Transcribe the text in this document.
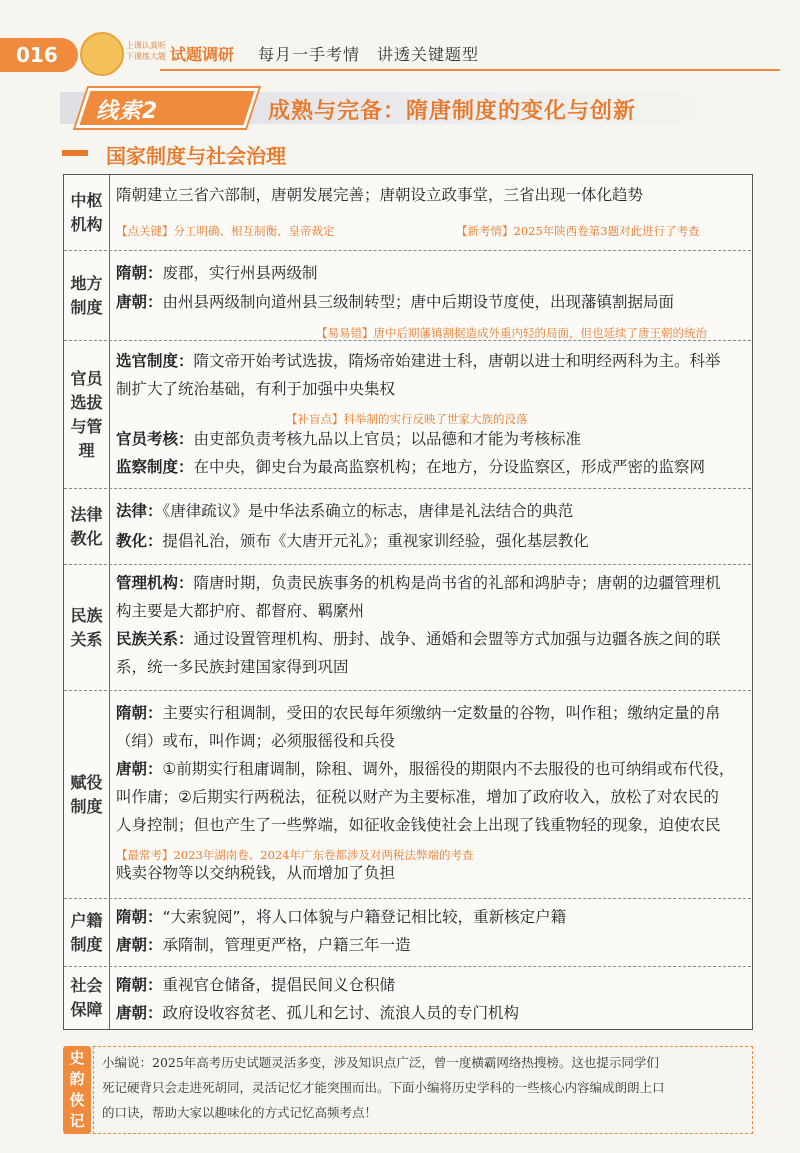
016	上课认真听 下课练大题 试题调研 每月一手考情　讲透关键题型
线索2	成熟与完备：隋唐制度的变化与创新
国家制度与社会治理
中枢
机构
隋朝建立三省六部制，唐朝发展完善；唐朝设立政事堂，三省出现一体化趋势
【点关键】分工明确、相互制衡、皇帝裁定	【新考情】2025年陕西卷第3题对此进行了考查
地方
制度
隋朝：废郡，实行州县两级制
唐朝：由州县两级制向道州县三级制转型；唐中后期设节度使，出现藩镇割据局面
【易易错】唐中后期藩镇割据造成外重内轻的局面，但也延续了唐王朝的统治
官员
选拔
与管
理
选官制度：隋文帝开始考试选拔，隋炀帝始建进士科，唐朝以进士和明经两科为主。科举
制扩大了统治基础，有利于加强中央集权
【补盲点】科举制的实行反映了世家大族的没落
官员考核：由吏部负责考核九品以上官员；以品德和才能为考核标准
监察制度：在中央，御史台为最高监察机构；在地方，分设监察区，形成严密的监察网
法律
教化
法律：《唐律疏议》是中华法系确立的标志，唐律是礼法结合的典范
教化：提倡礼治，颁布《大唐开元礼》；重视家训经验，强化基层教化
民族
关系
管理机构：隋唐时期，负责民族事务的机构是尚书省的礼部和鸿胪寺；唐朝的边疆管理机
构主要是大都护府、都督府、羁縻州
民族关系：通过设置管理机构、册封、战争、通婚和会盟等方式加强与边疆各族之间的联
系，统一多民族封建国家得到巩固
赋役
制度
隋朝：主要实行租调制，受田的农民每年须缴纳一定数量的谷物，叫作租；缴纳定量的帛
（绢）或布，叫作调；必须服徭役和兵役
唐朝：①前期实行租庸调制，除租、调外，服徭役的期限内不去服役的也可纳绢或布代役，
叫作庸；②后期实行两税法，征税以财产为主要标准，增加了政府收入，放松了对农民的
人身控制；但也产生了一些弊端，如征收金钱使社会上出现了钱重物轻的现象，迫使农民
【最常考】2023年湖南卷、2024年广东卷都涉及对两税法弊端的考查
贱卖谷物等以交纳税钱，从而增加了负担
户籍
制度
隋朝：“大索貌阅”，将人口体貌与户籍登记相比较，重新核定户籍
唐朝：承隋制，管理更严格，户籍三年一造
社会
保障
隋朝：重视官仓储备，提倡民间义仓积储
唐朝：政府设收容贫老、孤儿和乞讨、流浪人员的专门机构
史韵侠记
小编说：2025年高考历史试题灵活多变，涉及知识点广泛，曾一度横霸网络热搜榜。这也提示同学们
死记硬背只会走进死胡同，灵活记忆才能突围而出。下面小编将历史学科的一些核心内容编成朗朗上口
的口诀，帮助大家以趣味化的方式记忆高频考点！
